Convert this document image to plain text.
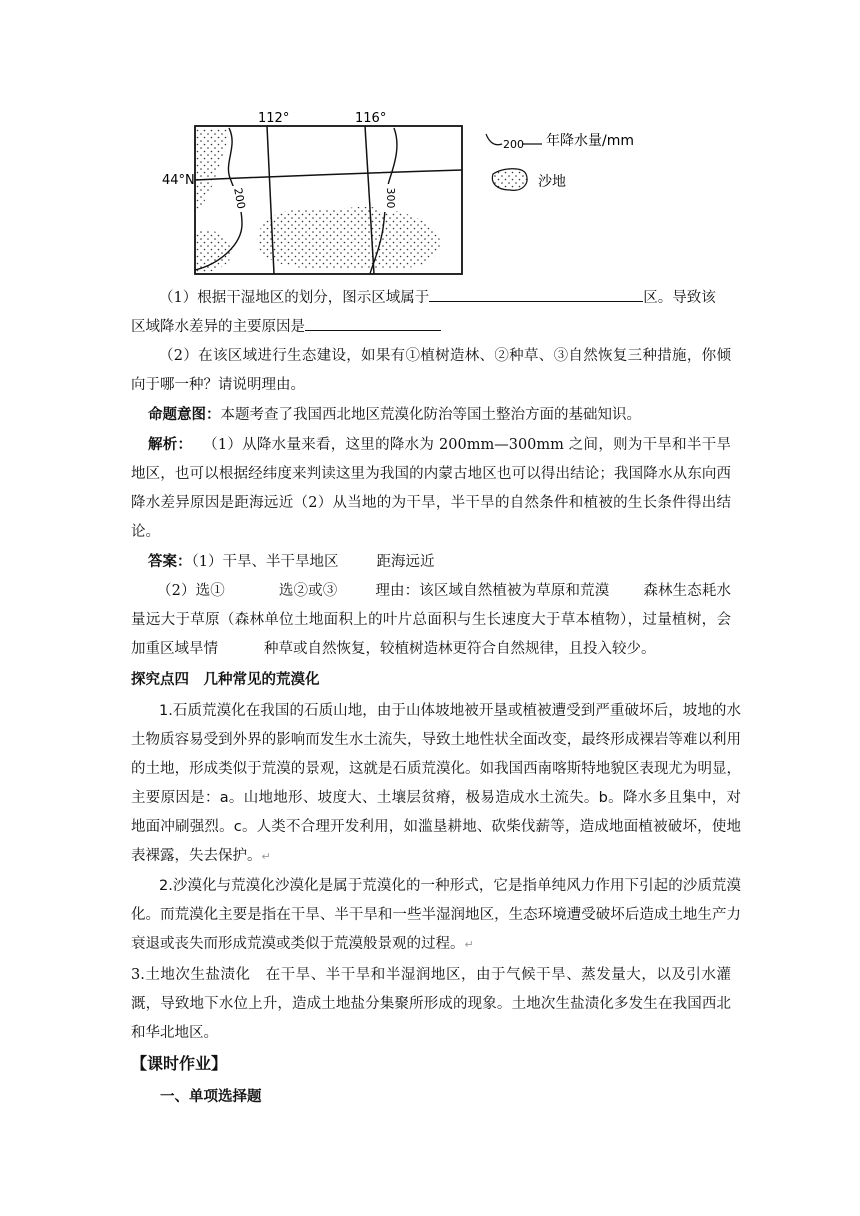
200	300
112°	116°
44°N
200 年降水量/mm
沙地

（1）根据干湿地区的划分，图示区域属于	区。导致该
区域降水差异的主要原因是

（2）在该区域进行生态建设，如果有①植树造林、②种草、③自然恢复三种措施，你倾向于哪一种？请说明理由。

命题意图：本题考查了我国西北地区荒漠化防治等国土整治方面的基础知识。

解析： （1）从降水量来看，这里的降水为 200mm—300mm 之间，则为干旱和半干旱地区，也可以根据经纬度来判读这里为我国的内蒙古地区也可以得出结论；我国降水从东向西降水差异原因是距海远近（2）从当地的为干旱，半干旱的自然条件和植被的生长条件得出结论。

答案：（1）干旱、半干旱地区	距海远近

（2）选①	选②或③	理由：该区域自然植被为草原和荒漠 森林生态耗水量远大于草原（森林单位土地面积上的叶片总面积与生长速度大于草本植物），过量植树，会加重区域旱情	种草或自然恢复，较植树造林更符合自然规律，且投入较少。

探究点四　几种常见的荒漠化

1.石质荒漠化在我国的石质山地，由于山体坡地被开垦或植被遭受到严重破坏后，坡地的水土物质容易受到外界的影响而发生水土流失，导致土地性状全面改变，最终形成裸岩等难以利用的土地，形成类似于荒漠的景观，这就是石质荒漠化。如我国西南喀斯特地貌区表现尤为明显，主要原因是：a。山地地形、坡度大、土壤层贫瘠，极易造成水土流失。b。降水多且集中，对地面冲刷强烈。c。人类不合理开发利用，如滥垦耕地、砍柴伐薪等，造成地面植被破坏，使地表裸露，失去保护。↵

2.沙漠化与荒漠化沙漠化是属于荒漠化的一种形式，它是指单纯风力作用下引起的沙质荒漠化。而荒漠化主要是指在干旱、半干旱和一些半湿润地区，生态环境遭受破坏后造成土地生产力衰退或丧失而形成荒漠或类似于荒漠般景观的过程。↵

3.土地次生盐渍化　在干旱、半干旱和半湿润地区，由于气候干旱、蒸发量大，以及引水灌溉，导致地下水位上升，造成土地盐分集聚所形成的现象。土地次生盐渍化多发生在我国西北和华北地区。

【课时作业】
一、单项选择题
